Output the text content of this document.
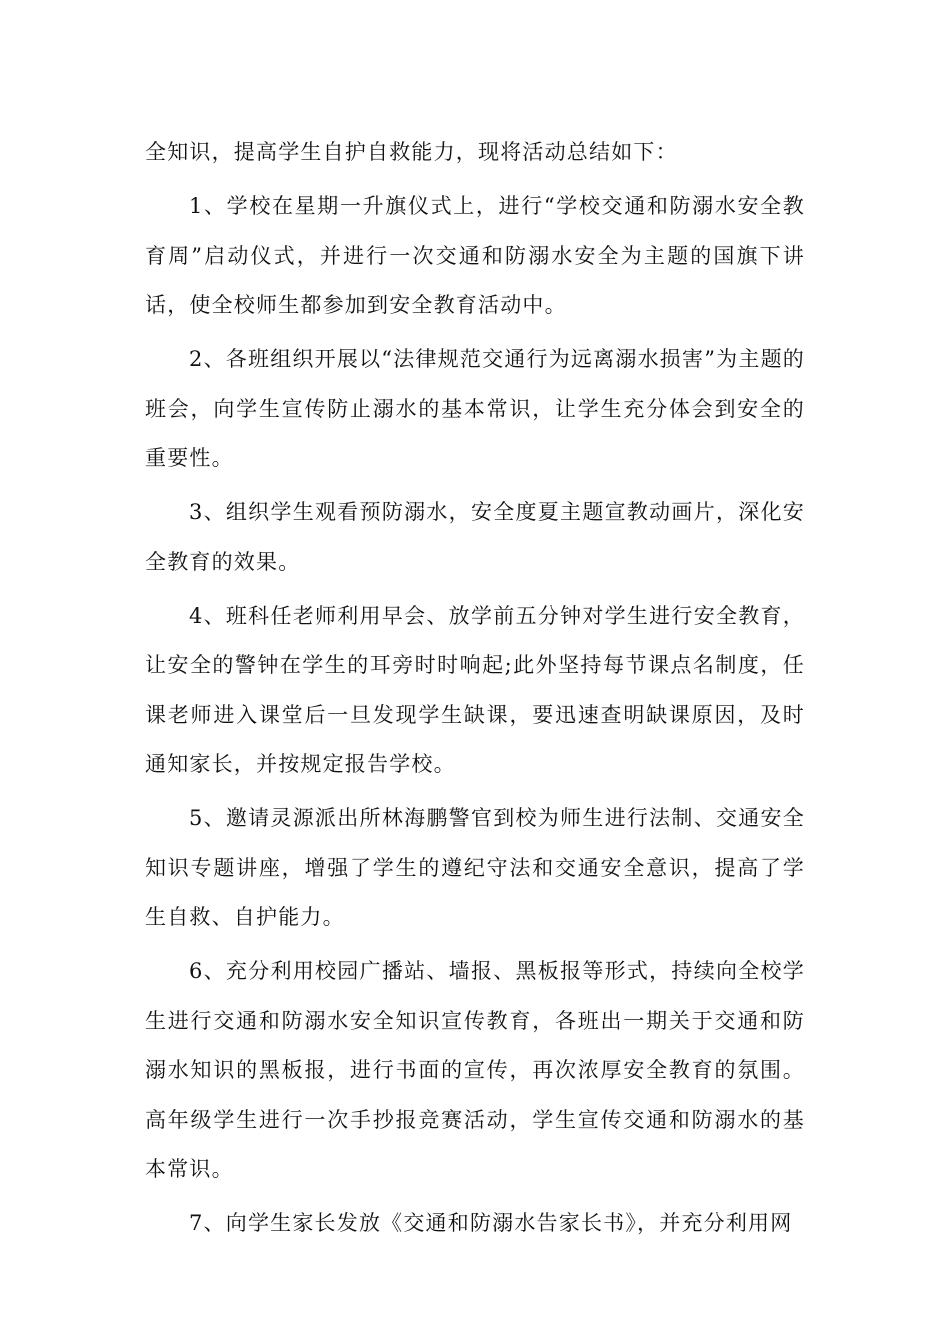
全知识，提高学生自护自救能力，现将活动总结如下：

1、学校在星期一升旗仪式上，进行“学校交通和防溺水安全教育周”启动仪式，并进行一次交通和防溺水安全为主题的国旗下讲话，使全校师生都参加到安全教育活动中。

2、各班组织开展以“法律规范交通行为远离溺水损害”为主题的班会，向学生宣传防止溺水的基本常识，让学生充分体会到安全的重要性。

3、组织学生观看预防溺水，安全度夏主题宣教动画片，深化安全教育的效果。

4、班科任老师利用早会、放学前五分钟对学生进行安全教育，让安全的警钟在学生的耳旁时时响起;此外坚持每节课点名制度，任课老师进入课堂后一旦发现学生缺课，要迅速查明缺课原因，及时通知家长，并按规定报告学校。

5、邀请灵源派出所林海鹏警官到校为师生进行法制、交通安全知识专题讲座，增强了学生的遵纪守法和交通安全意识，提高了学生自救、自护能力。

6、充分利用校园广播站、墙报、黑板报等形式，持续向全校学生进行交通和防溺水安全知识宣传教育，各班出一期关于交通和防溺水知识的黑板报，进行书面的宣传，再次浓厚安全教育的氛围。高年级学生进行一次手抄报竞赛活动，学生宣传交通和防溺水的基本常识。

7、向学生家长发放《交通和防溺水告家长书》，并充分利用网
